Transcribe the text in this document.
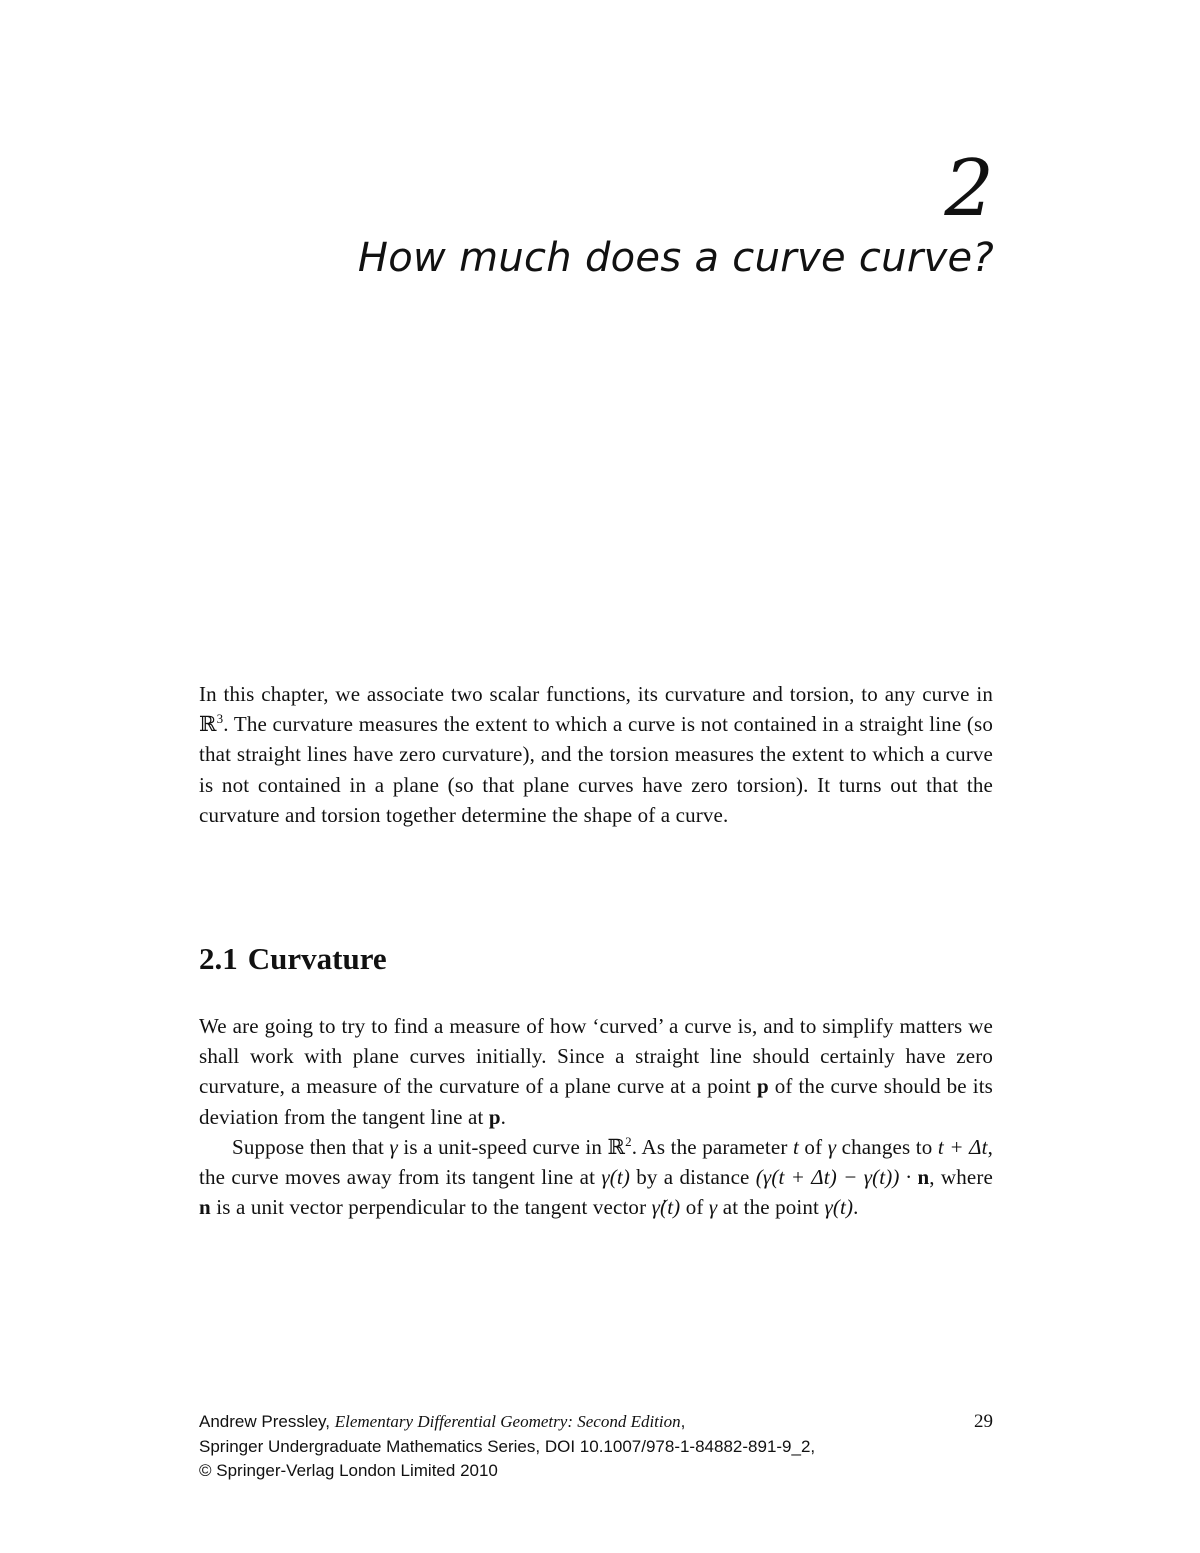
2
How much does a curve curve?

In this chapter, we associate two scalar functions, its curvature and torsion, to any curve in ℝ$^3$. The curvature measures the extent to which a curve is not contained in a straight line (so that straight lines have zero curvature), and the torsion measures the extent to which a curve is not contained in a plane (so that plane curves have zero torsion). It turns out that the curvature and torsion together determine the shape of a curve.

2.1 Curvature

We are going to try to find a measure of how ‘curved’ a curve is, and to simplify matters we shall work with plane curves initially. Since a straight line should certainly have zero curvature, a measure of the curvature of a plane curve at a point p of the curve should be its deviation from the tangent line at p.

Suppose then that γ is a unit-speed curve in ℝ$^2$. As the parameter t of γ changes to t + Δt, the curve moves away from its tangent line at γ(t) by a distance (γ(t + Δt) − γ(t)) · n, where n is a unit vector perpendicular to the tangent vector γ̇(t) of γ at the point γ(t).

Andrew Pressley, Elementary Differential Geometry: Second Edition,
Springer Undergraduate Mathematics Series, DOI 10.1007/978-1-84882-891-9_2,
© Springer-Verlag London Limited 2010
29
